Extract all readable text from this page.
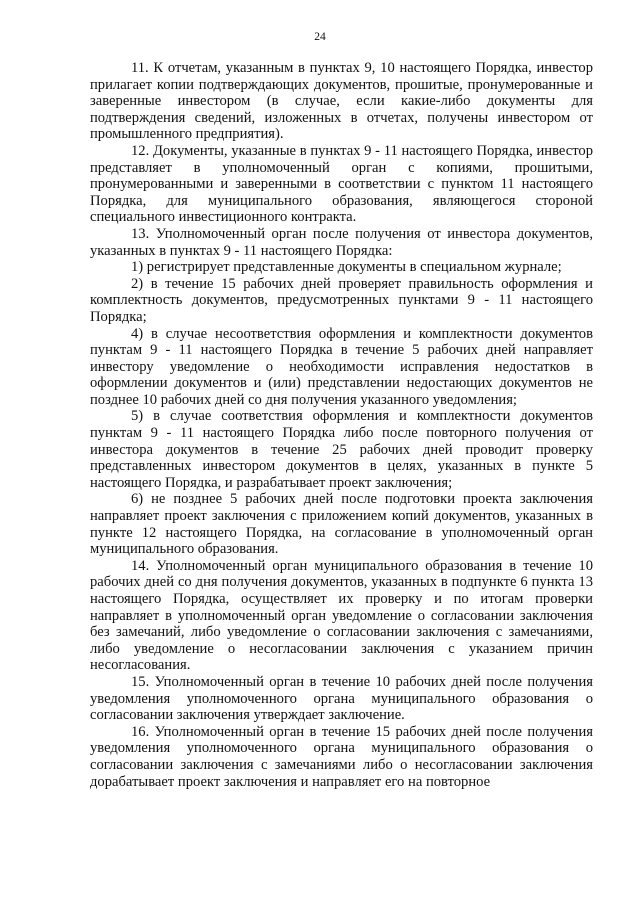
24

11. К отчетам, указанным в пунктах 9, 10 настоящего Порядка, инвестор прилагает копии подтверждающих документов, прошитые, пронумерованные и заверенные инвестором (в случае, если какие-либо документы для подтверждения сведений, изложенных в отчетах, получены инвестором от промышленного предприятия).

12. Документы, указанные в пунктах 9 - 11 настоящего Порядка, инвестор представляет в уполномоченный орган с копиями, прошитыми, пронумерованными и заверенными в соответствии с пунктом 11 настоящего Порядка, для муниципального образования, являющегося стороной специального инвестиционного контракта.

13. Уполномоченный орган после получения от инвестора документов, указанных в пунктах 9 - 11 настоящего Порядка:

1) регистрирует представленные документы в специальном журнале;

2) в течение 15 рабочих дней проверяет правильность оформления и комплектность документов, предусмотренных пунктами 9 - 11 настоящего Порядка;

4) в случае несоответствия оформления и комплектности документов пунктам 9 - 11 настоящего Порядка в течение 5 рабочих дней направляет инвестору уведомление о необходимости исправления недостатков в оформлении документов и (или) представлении недостающих документов не позднее 10 рабочих дней со дня получения указанного уведомления;

5) в случае соответствия оформления и комплектности документов пунктам 9 - 11 настоящего Порядка либо после повторного получения от инвестора документов в течение 25 рабочих дней проводит проверку представленных инвестором документов в целях, указанных в пункте 5 настоящего Порядка, и разрабатывает проект заключения;

6) не позднее 5 рабочих дней после подготовки проекта заключения направляет проект заключения с приложением копий документов, указанных в пункте 12 настоящего Порядка, на согласование в уполномоченный орган муниципального образования.

14. Уполномоченный орган муниципального образования в течение 10 рабочих дней со дня получения документов, указанных в подпункте 6 пункта 13 настоящего Порядка, осуществляет их проверку и по итогам проверки направляет в уполномоченный орган уведомление о согласовании заключения без замечаний, либо уведомление о согласовании заключения с замечаниями, либо уведомление о несогласовании заключения с указанием причин несогласования.

15. Уполномоченный орган в течение 10 рабочих дней после получения уведомления уполномоченного органа муниципального образования о согласовании заключения утверждает заключение.

16. Уполномоченный орган в течение 15 рабочих дней после получения уведомления уполномоченного органа муниципального образования о согласовании заключения с замечаниями либо о несогласовании заключения дорабатывает проект заключения и направляет его на повторное
